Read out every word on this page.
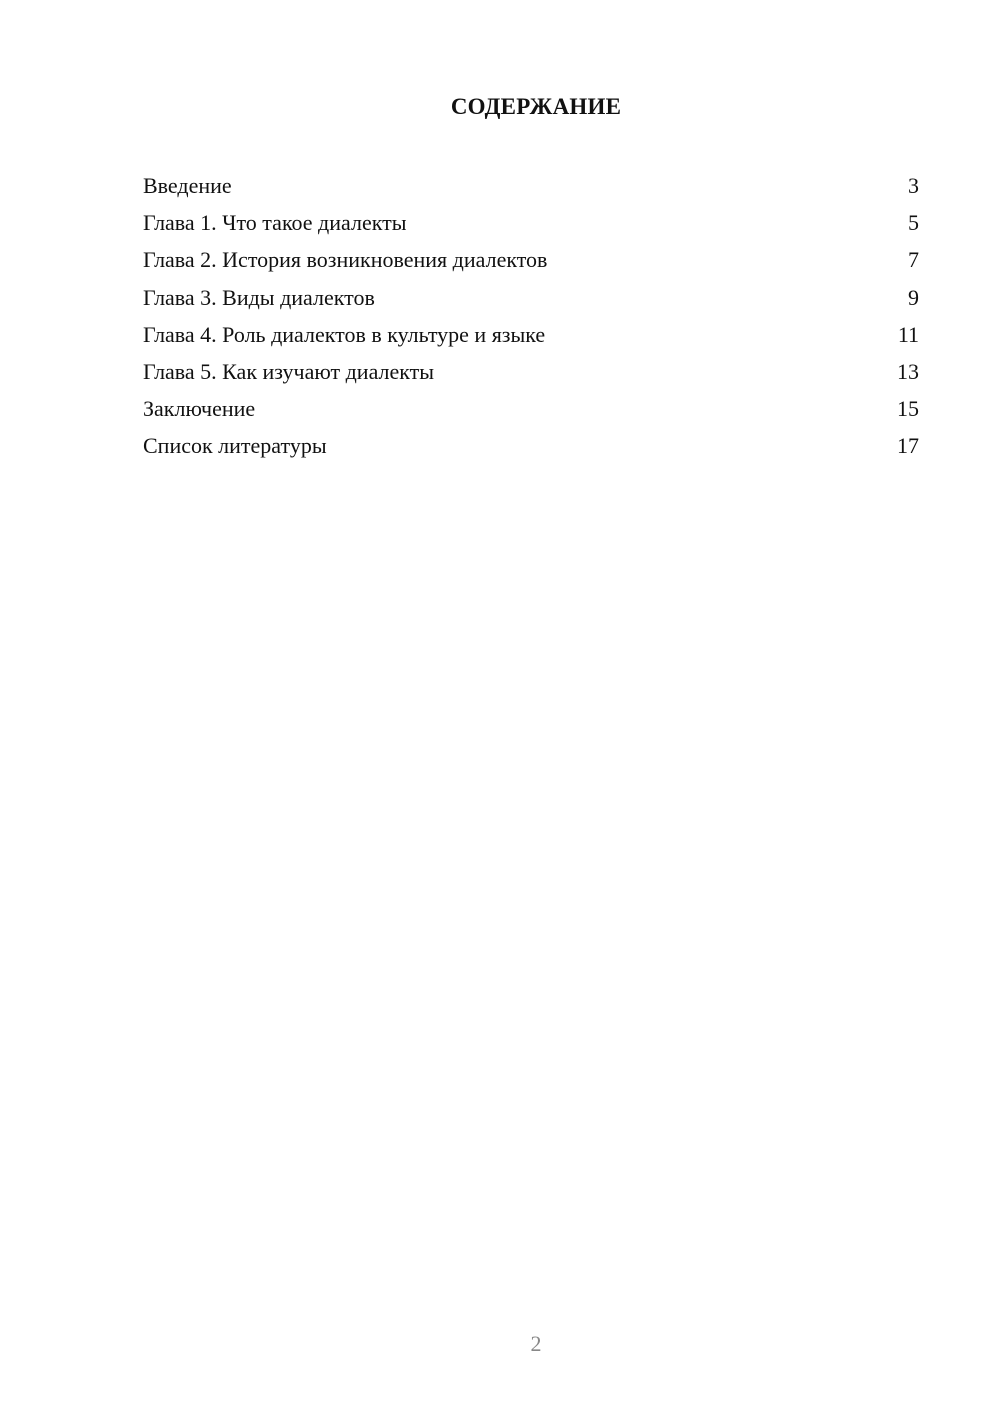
СОДЕРЖАНИЕ
Введение	3
Глава 1. Что такое диалекты	5
Глава 2. История возникновения диалектов	7
Глава 3. Виды диалектов	9
Глава 4. Роль диалектов в культуре и языке	11
Глава 5. Как изучают диалекты	13
Заключение	15
Список литературы	17
2
